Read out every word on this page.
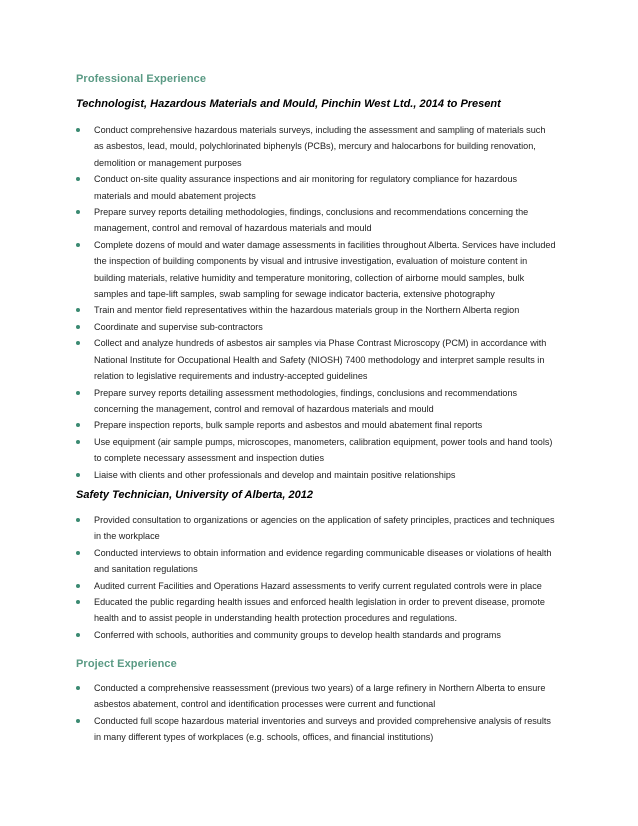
Professional Experience
Technologist, Hazardous Materials and Mould, Pinchin West Ltd., 2014 to Present
Conduct comprehensive hazardous materials surveys, including the assessment and sampling of materials such as asbestos, lead, mould, polychlorinated biphenyls (PCBs), mercury and halocarbons for building renovation, demolition or management purposes
Conduct on-site quality assurance inspections and air monitoring for regulatory compliance for hazardous materials and mould abatement projects
Prepare survey reports detailing methodologies, findings, conclusions and recommendations concerning the management, control and removal of hazardous materials and mould
Complete dozens of mould and water damage assessments in facilities throughout Alberta. Services have included the inspection of building components by visual and intrusive investigation, evaluation of moisture content in building materials, relative humidity and temperature monitoring, collection of airborne mould samples, bulk samples and tape-lift samples, swab sampling for sewage indicator bacteria, extensive photography
Train and mentor field representatives within the hazardous materials group in the Northern Alberta region
Coordinate and supervise sub-contractors
Collect and analyze hundreds of asbestos air samples via Phase Contrast Microscopy (PCM) in accordance with National Institute for Occupational Health and Safety (NIOSH) 7400 methodology and interpret sample results in relation to legislative requirements and industry-accepted guidelines
Prepare survey reports detailing assessment methodologies, findings, conclusions and recommendations concerning the management, control and removal of hazardous materials and mould
Prepare inspection reports, bulk sample reports and asbestos and mould abatement final reports
Use equipment (air sample pumps, microscopes, manometers, calibration equipment, power tools and hand tools) to complete necessary assessment and inspection duties
Liaise with clients and other professionals and develop and maintain positive relationships
Safety Technician, University of Alberta, 2012
Provided consultation to organizations or agencies on the application of safety principles, practices and techniques in the workplace
Conducted interviews to obtain information and evidence regarding communicable diseases or violations of health and sanitation regulations
Audited current Facilities and Operations Hazard assessments to verify current regulated controls were in place
Educated the public regarding health issues and enforced health legislation in order to prevent disease, promote health and to assist people in understanding health protection procedures and regulations.
Conferred with schools, authorities and community groups to develop health standards and programs
Project Experience
Conducted a comprehensive reassessment (previous two years) of a large refinery in Northern Alberta to ensure asbestos abatement, control and identification processes were current and functional
Conducted full scope hazardous material inventories and surveys and provided comprehensive analysis of results in many different types of workplaces (e.g. schools, offices, and financial institutions)
